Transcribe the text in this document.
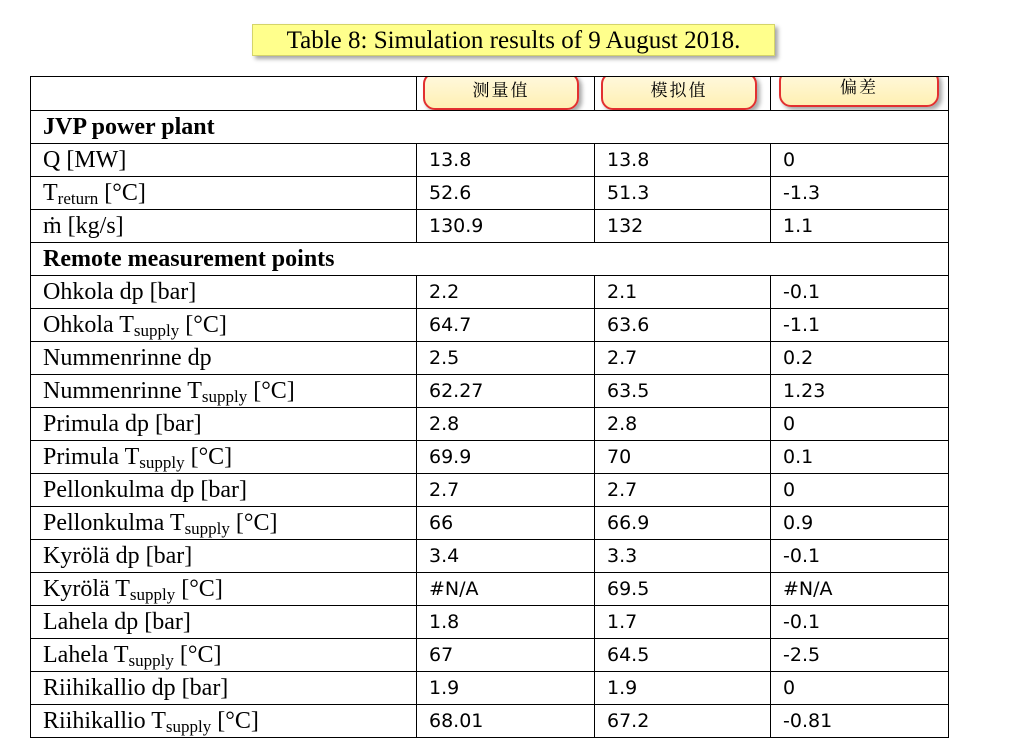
Table 8: Simulation results of 9 August 2018.

	测量值	模拟值	偏差

JVP power plant			
Q [MW]	13.8	13.8	0
$T_{return}$ [°C]	52.6	51.3	-1.3
ṁ [kg/s]	130.9	132	1.1
Remote measurement points			
Ohkola dp [bar]	2.2	2.1	-0.1
Ohkola $T_{supply}$ [°C]	64.7	63.6	-1.1
Nummenrinne dp	2.5	2.7	0.2
Nummenrinne $T_{supply}$ [°C]	62.27	63.5	1.23
Primula dp [bar]	2.8	2.8	0
Primula $T_{supply}$ [°C]	69.9	70	0.1
Pellonkulma dp [bar]	2.7	2.7	0
Pellonkulma $T_{supply}$ [°C]	66	66.9	0.9
Kyrölä dp [bar]	3.4	3.3	-0.1
Kyrölä $T_{supply}$ [°C]	#N/A	69.5	#N/A
Lahela dp [bar]	1.8	1.7	-0.1
Lahela $T_{supply}$ [°C]	67	64.5	-2.5
Riihikallio dp [bar]	1.9	1.9	0
Riihikallio $T_{supply}$ [°C]	68.01	67.2	-0.81
